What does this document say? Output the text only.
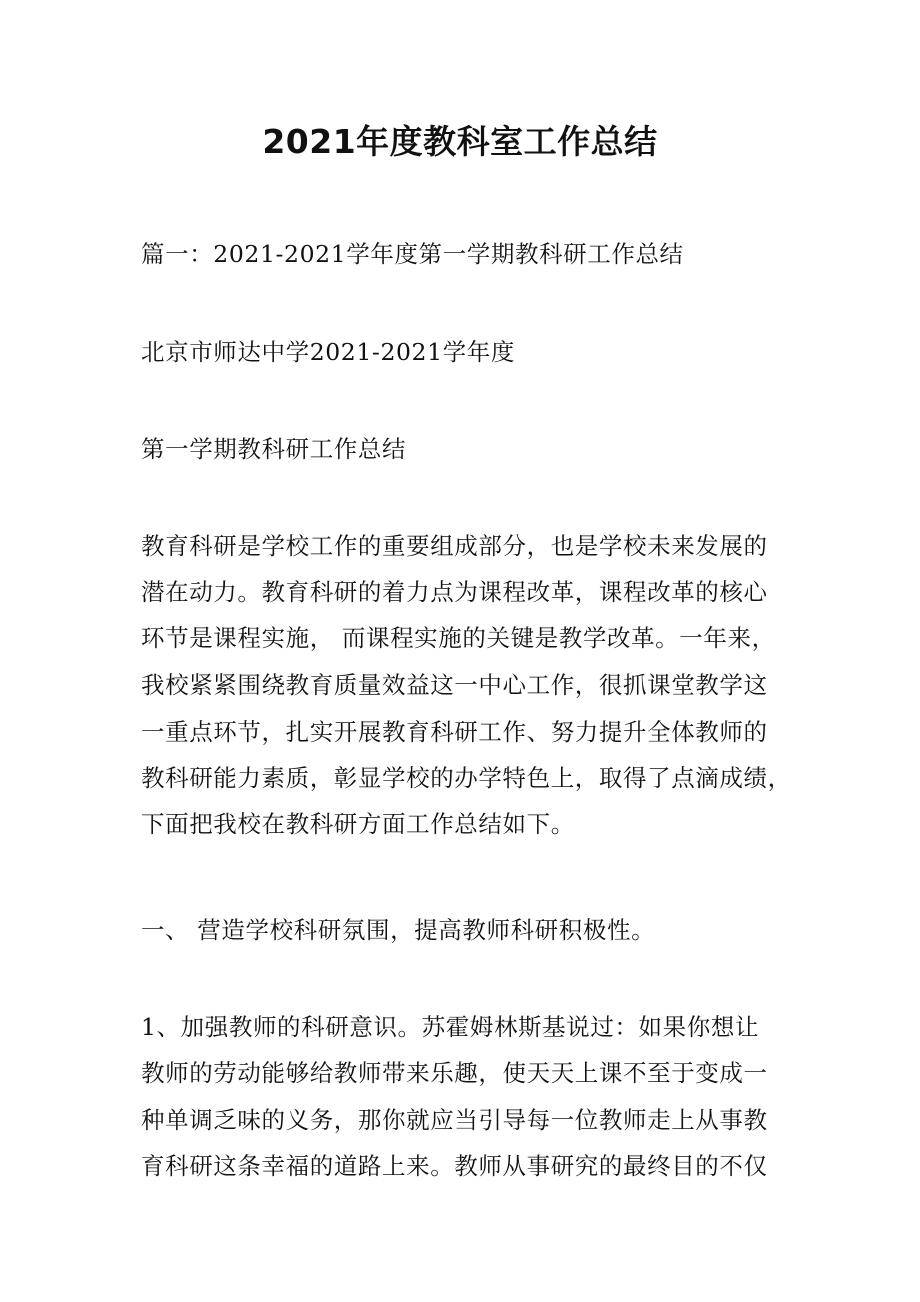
2021年度教科室工作总结
篇一：2021-2021学年度第一学期教科研工作总结
北京市师达中学2021-2021学年度
第一学期教科研工作总结
教育科研是学校工作的重要组成部分，也是学校未来发展的
潜在动力。教育科研的着力点为课程改革，课程改革的核心
环节是课程实施， 而课程实施的关键是教学改革。一年来，
我校紧紧围绕教育质量效益这一中心工作，很抓课堂教学这
一重点环节，扎实开展教育科研工作、努力提升全体教师的
教科研能力素质，彰显学校的办学特色上，取得了点滴成绩，
下面把我校在教科研方面工作总结如下。
一、 营造学校科研氛围，提高教师科研积极性。
1、加强教师的科研意识。苏霍姆林斯基说过：如果你想让
教师的劳动能够给教师带来乐趣，使天天上课不至于变成一
种单调乏味的义务，那你就应当引导每一位教师走上从事教
育科研这条幸福的道路上来。教师从事研究的最终目的不仅
